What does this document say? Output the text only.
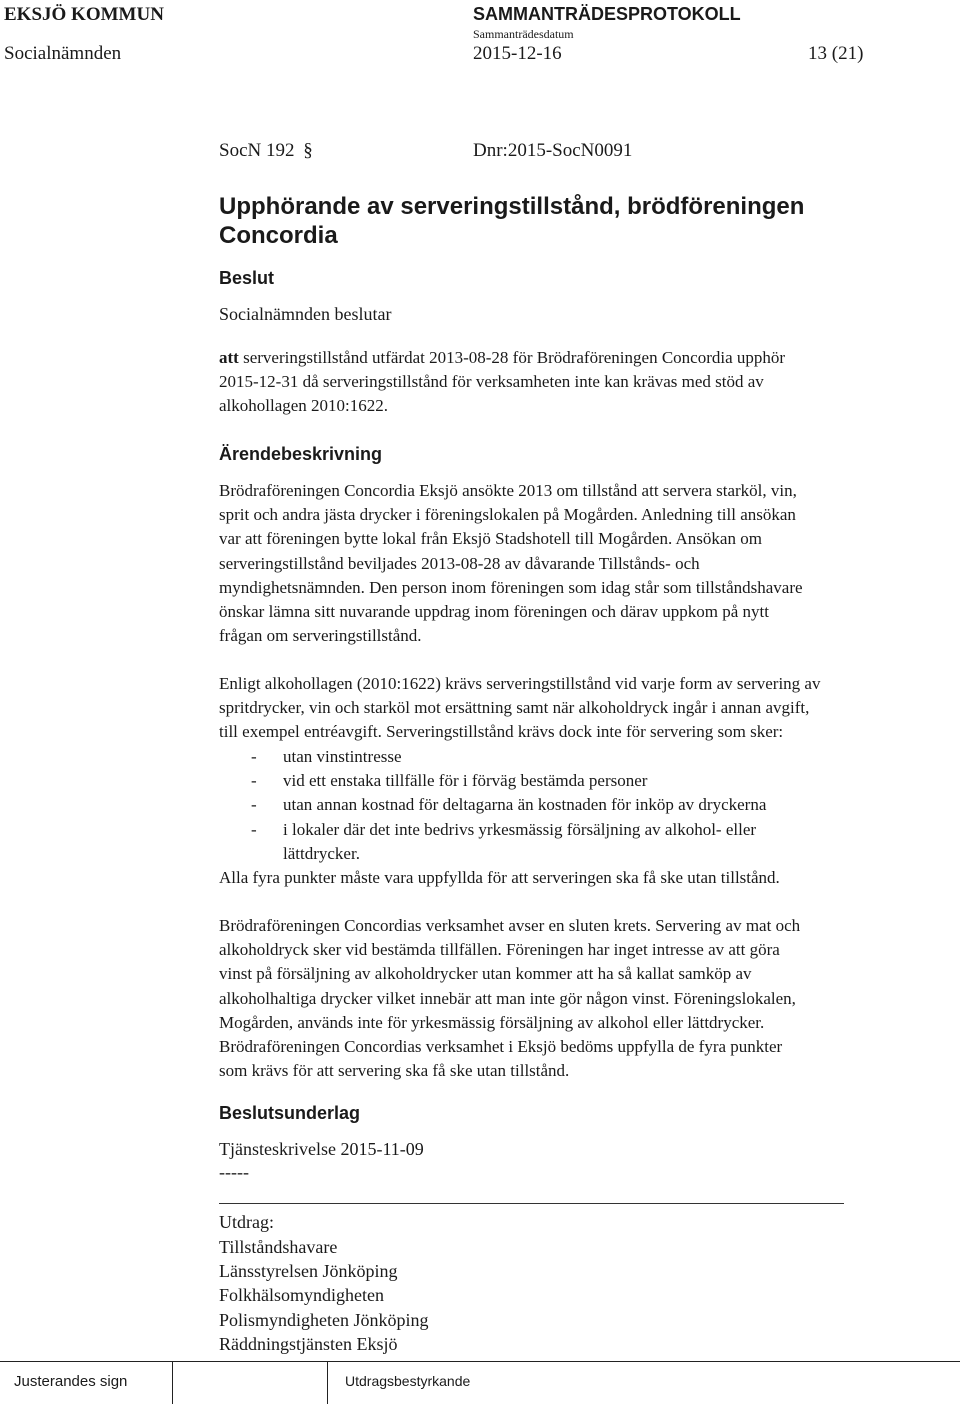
EKSJÖ KOMMUN	SAMMANTRÄDESPROTOKOLL
Sammanträdesdatum
Socialnämnden	2015-12-16	13 (21)
SocN 192 §	Dnr:2015-SocN0091
Upphörande av serveringstillstånd, brödföreningen
Concordia
Beslut
Socialnämnden beslutar

att serveringstillstånd utfärdat 2013-08-28 för Brödraföreningen Concordia upphör

2015-12-31 då serveringstillstånd för verksamheten inte kan krävas med stöd av

alkohollagen 2010:1622.

Ärendebeskrivning

Brödraföreningen Concordia Eksjö ansökte 2013 om tillstånd att servera starköl, vin,

sprit och andra jästa drycker i föreningslokalen på Mogården. Anledning till ansökan

var att föreningen bytte lokal från Eksjö Stadshotell till Mogården. Ansökan om

serveringstillstånd beviljades 2013-08-28 av dåvarande Tillstånds- och

myndighetsnämnden. Den person inom föreningen som idag står som tillståndshavare

önskar lämna sitt nuvarande uppdrag inom föreningen och därav uppkom på nytt

frågan om serveringstillstånd.

Enligt alkohollagen (2010:1622) krävs serveringstillstånd vid varje form av servering av

spritdrycker, vin och starköl mot ersättning samt när alkoholdryck ingår i annan avgift,

till exempel entréavgift. Serveringstillstånd krävs dock inte för servering som sker:

-	utan vinstintresse
-	vid ett enstaka tillfälle för i förväg bestämda personer
-	utan annan kostnad för deltagarna än kostnaden för inköp av dryckerna
-	i lokaler där det inte bedrivs yrkesmässig försäljning av alkohol- eller
lättdrycker.
Alla fyra punkter måste vara uppfyllda för att serveringen ska få ske utan tillstånd.

Brödraföreningen Concordias verksamhet avser en sluten krets. Servering av mat och

alkoholdryck sker vid bestämda tillfällen. Föreningen har inget intresse av att göra

vinst på försäljning av alkoholdrycker utan kommer att ha så kallat samköp av

alkoholhaltiga drycker vilket innebär att man inte gör någon vinst. Föreningslokalen,

Mogården, används inte för yrkesmässig försäljning av alkohol eller lättdrycker.

Brödraföreningen Concordias verksamhet i Eksjö bedöms uppfylla de fyra punkter

som krävs för att servering ska få ske utan tillstånd.

Beslutsunderlag
Tjänsteskrivelse 2015-11-09
-----
Utdrag:
Tillståndshavare
Länsstyrelsen Jönköping
Folkhälsomyndigheten
Polismyndigheten Jönköping
Räddningstjänsten Eksjö
Justerandes sign	Utdragsbestyrkande
